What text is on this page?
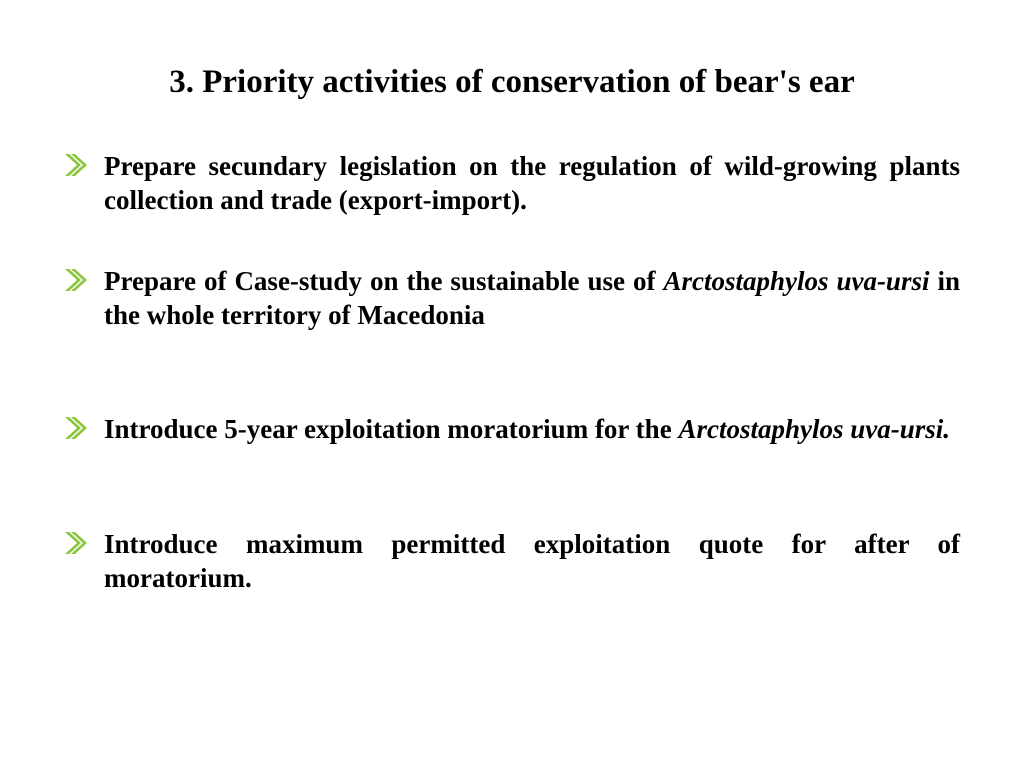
3. Priority activities of conservation of bear's ear
Prepare secundary legislation on the regulation of wild-growing plants collection and trade (export-import).
Prepare of Case-study on the sustainable use of Arctostaphylos uva-ursi in the whole territory of Macedonia
Introduce 5-year exploitation moratorium for the Arctostaphylos uva-ursi.
Introduce maximum permitted exploitation quote for after of  moratorium.
